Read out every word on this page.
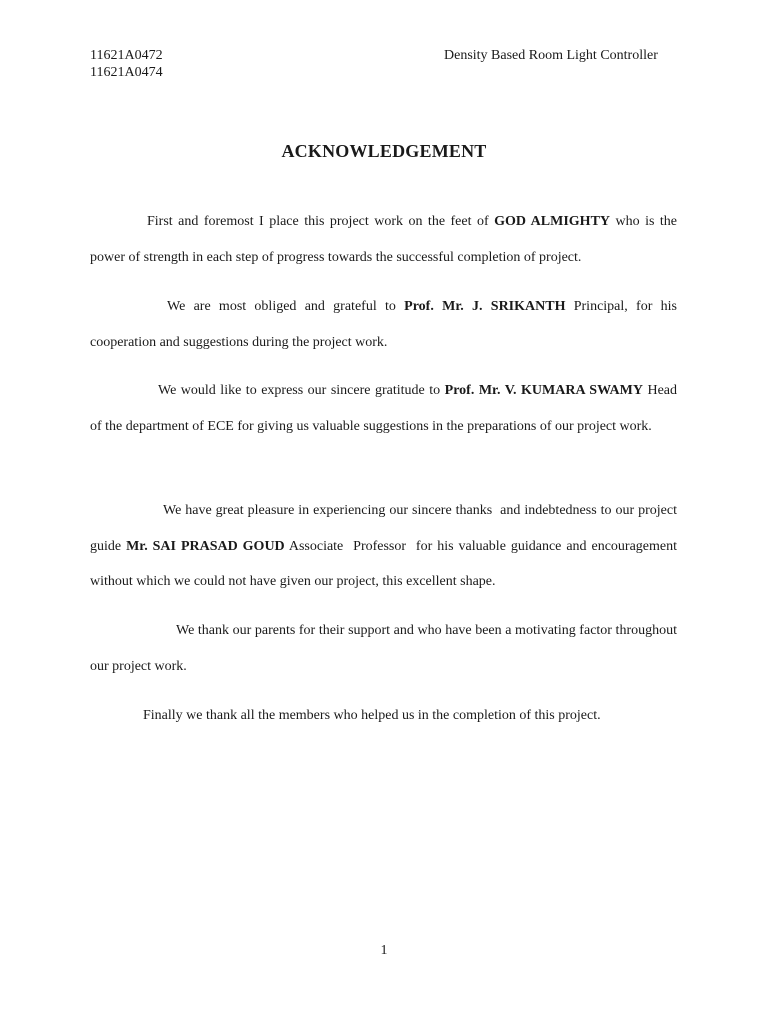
11621A0472
11621A0474
Density Based Room Light Controller
ACKNOWLEDGEMENT

First and foremost I place this project work on the feet of GOD ALMIGHTY who is the power of strength in each step of progress towards the successful completion of project.

We are most obliged and grateful to Prof. Mr. J. SRIKANTH Principal, for his cooperation and suggestions during the project work.

We would like to express our sincere gratitude to Prof. Mr. V. KUMARA SWAMY Head of the department of ECE for giving us valuable suggestions in the preparations of our project work.

We have great pleasure in experiencing our sincere thanks  and indebtedness to our project guide Mr. SAI PRASAD GOUD Associate  Professor  for his valuable guidance and encouragement without which we could not have given our project, this excellent shape.

We thank our parents for their support and who have been a motivating factor throughout our project work.

Finally we thank all the members who helped us in the completion of this project.

1
